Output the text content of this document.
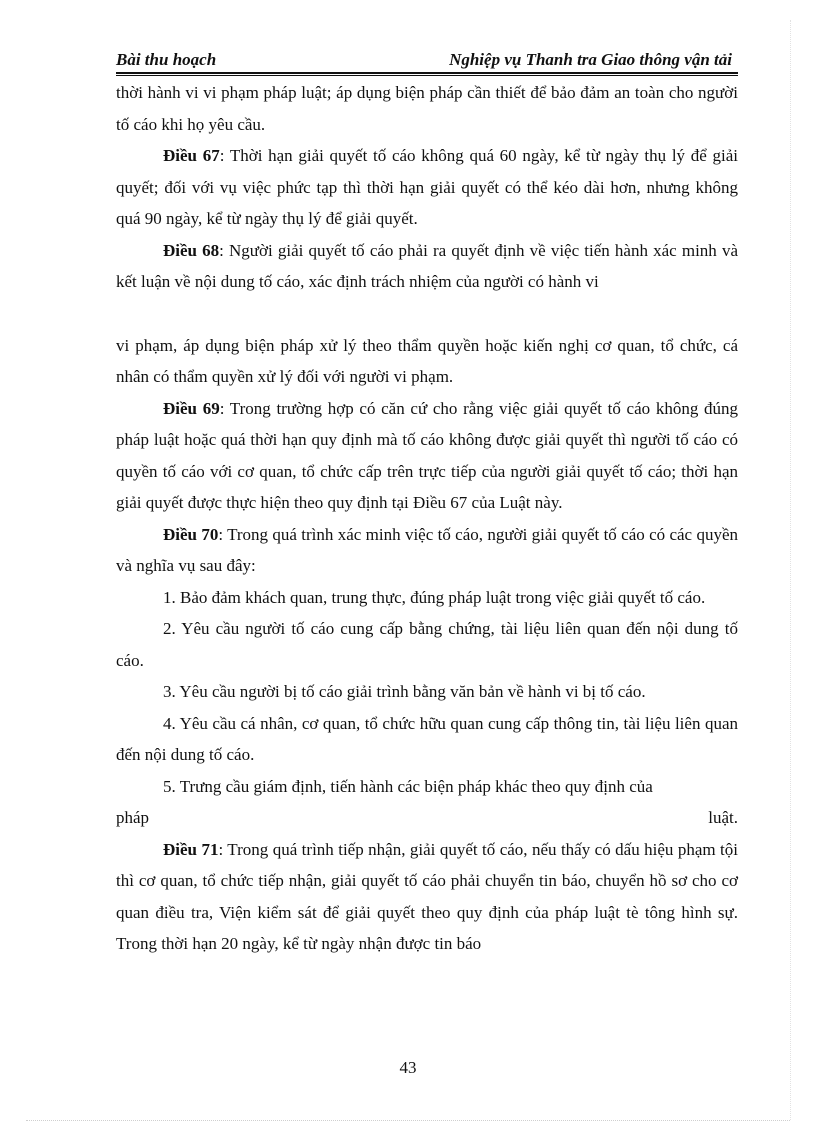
Bài thu hoạch	Nghiệp vụ Thanh tra Giao thông vận tải

thời hành vi vi phạm pháp luật; áp dụng biện pháp cần thiết để bảo đảm an toàn cho người tố cáo khi họ yêu cầu.

Điều 67: Thời hạn giải quyết tố cáo không quá 60 ngày, kể từ ngày thụ lý để giải quyết; đối với vụ việc phức tạp thì thời hạn giải quyết có thể kéo dài hơn, nhưng không quá 90 ngày, kể từ ngày thụ lý để giải quyết.

Điều 68: Người giải quyết tố cáo phải ra quyết định về việc tiến hành xác minh và kết luận về nội dung tố cáo, xác định trách nhiệm của người có hành vi

vi phạm, áp dụng biện pháp xử lý theo thẩm quyền hoặc kiến nghị cơ quan, tổ chức, cá nhân có thẩm quyền xử lý đối với người vi phạm.

Điều 69: Trong trường hợp có căn cứ cho rằng việc giải quyết tố cáo không đúng pháp luật hoặc quá thời hạn quy định mà tố cáo không được giải quyết thì người tố cáo có quyền tố cáo với cơ quan, tổ chức cấp trên trực tiếp của người giải quyết tố cáo; thời hạn giải quyết được thực hiện theo quy định tại Điều 67 của Luật này.

Điều 70: Trong quá trình xác minh việc tố cáo, người giải quyết tố cáo có các quyền và nghĩa vụ sau đây:

1. Bảo đảm khách quan, trung thực, đúng pháp luật trong việc giải quyết tố cáo.

2. Yêu cầu người tố cáo cung cấp bằng chứng, tài liệu liên quan đến nội dung tố cáo.

3. Yêu cầu người bị tố cáo giải trình bằng văn bản về hành vi bị tố cáo.

4. Yêu cầu cá nhân, cơ quan, tổ chức hữu quan cung cấp thông tin, tài liệu liên quan đến nội dung tố cáo.

5. Trưng cầu giám định, tiến hành các biện pháp khác theo quy định của

pháp	luật.

Điều 71: Trong quá trình tiếp nhận, giải quyết tố cáo, nếu thấy có dấu hiệu phạm tội thì cơ quan, tổ chức tiếp nhận, giải quyết tố cáo phải chuyển tin báo, chuyển hồ sơ cho cơ quan điều tra, Viện kiểm sát để giải quyết theo quy định của pháp luật tè tông hình sự. Trong thời hạn 20 ngày, kể từ ngày nhận được tin báo

43
